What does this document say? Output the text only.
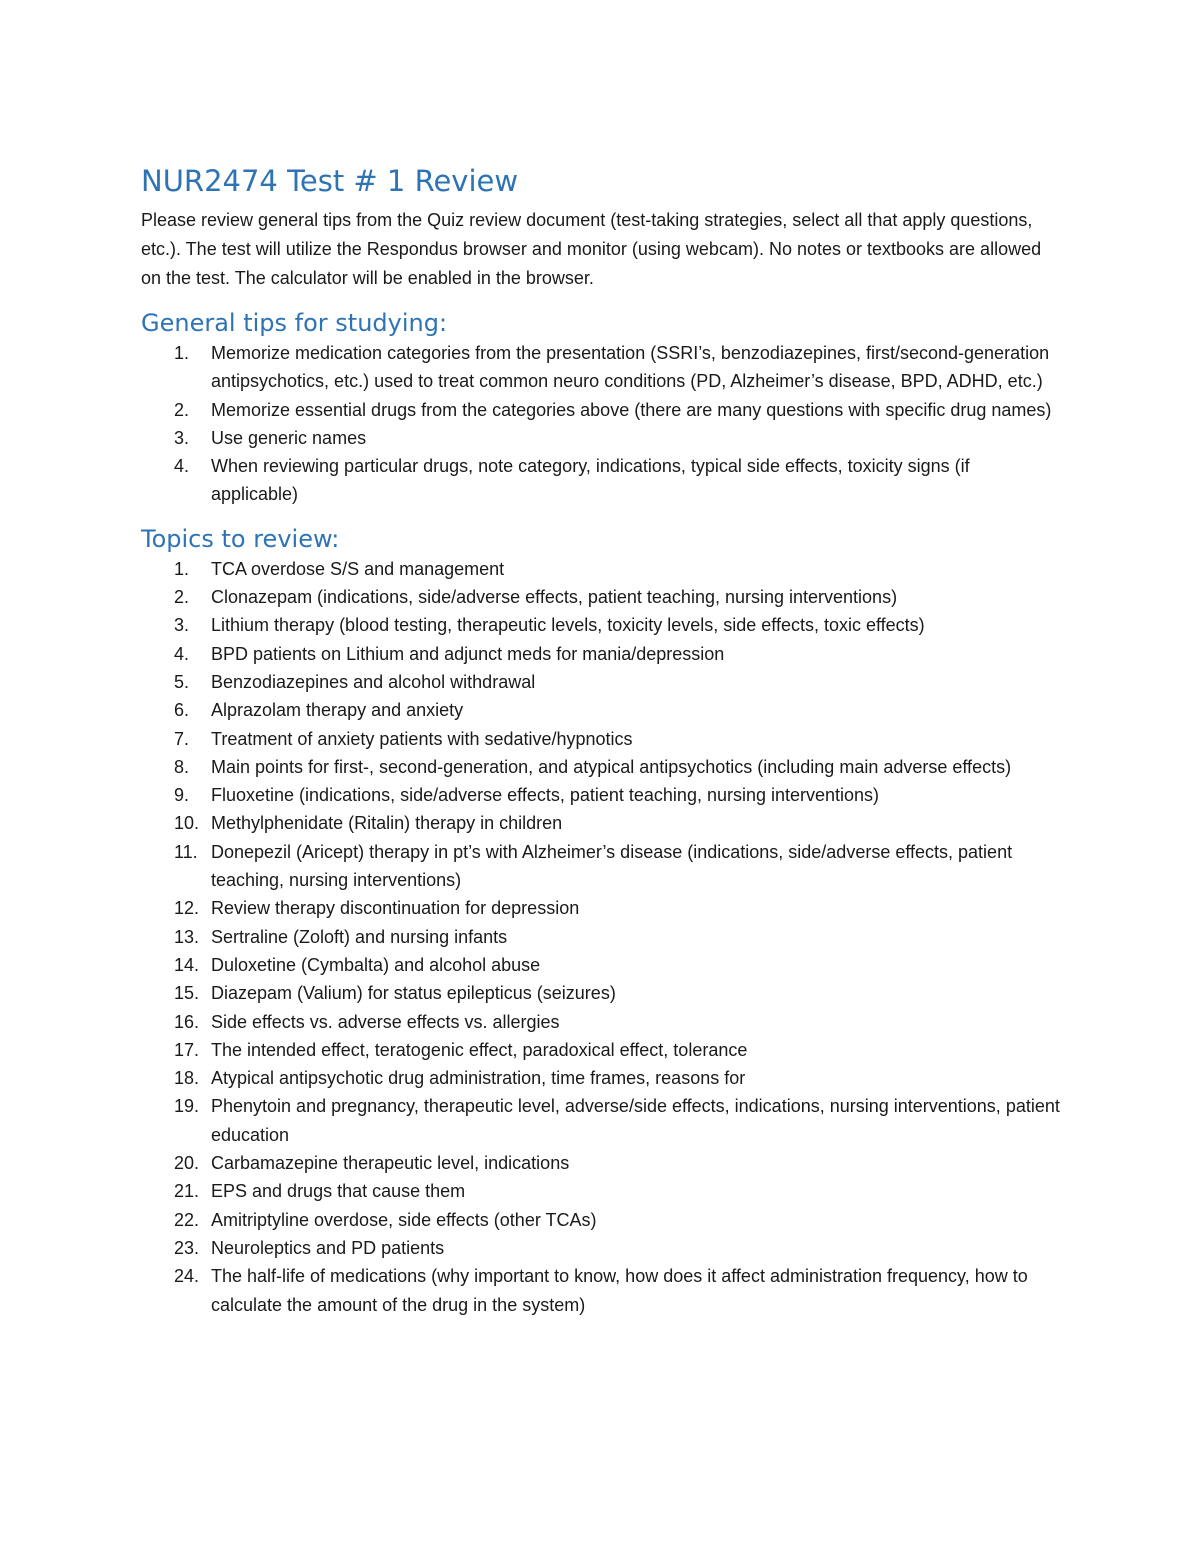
NUR2474 Test # 1 Review

Please review general tips from the Quiz review document (test-taking strategies, select all that apply questions, etc.). The test will utilize the Respondus browser and monitor (using webcam). No notes or textbooks are allowed on the test. The calculator will be enabled in the browser.

General tips for studying:
1.	Memorize medication categories from the presentation (SSRI’s, benzodiazepines, first/second-generation antipsychotics, etc.) used to treat common neuro conditions (PD, Alzheimer’s disease, BPD, ADHD, etc.)
2.	Memorize essential drugs from the categories above (there are many questions with specific drug names)
3.	Use generic names
4.	When reviewing particular drugs, note category, indications, typical side effects, toxicity signs (if applicable)
Topics to review:
1.	TCA overdose S/S and management
2.	Clonazepam (indications, side/adverse effects, patient teaching, nursing interventions)
3.	Lithium therapy (blood testing, therapeutic levels, toxicity levels, side effects, toxic effects)
4.	BPD patients on Lithium and adjunct meds for mania/depression
5.	Benzodiazepines and alcohol withdrawal
6.	Alprazolam therapy and anxiety
7.	Treatment of anxiety patients with sedative/hypnotics
8.	Main points for first-, second-generation, and atypical antipsychotics (including main adverse effects)
9.	Fluoxetine (indications, side/adverse effects, patient teaching, nursing interventions)
10. Methylphenidate (Ritalin) therapy in children
11. Donepezil (Aricept) therapy in pt’s with Alzheimer’s disease (indications, side/adverse effects, patient teaching, nursing interventions)
12. Review therapy discontinuation for depression
13. Sertraline (Zoloft) and nursing infants
14. Duloxetine (Cymbalta) and alcohol abuse
15. Diazepam (Valium) for status epilepticus (seizures)
16. Side effects vs. adverse effects vs. allergies
17. The intended effect, teratogenic effect, paradoxical effect, tolerance
18. Atypical antipsychotic drug administration, time frames, reasons for
19. Phenytoin and pregnancy, therapeutic level, adverse/side effects, indications, nursing interventions, patient education
20. Carbamazepine therapeutic level, indications
21. EPS and drugs that cause them
22. Amitriptyline overdose, side effects (other TCAs)
23. Neuroleptics and PD patients
24. The half-life of medications (why important to know, how does it affect administration frequency, how to calculate the amount of the drug in the system)
